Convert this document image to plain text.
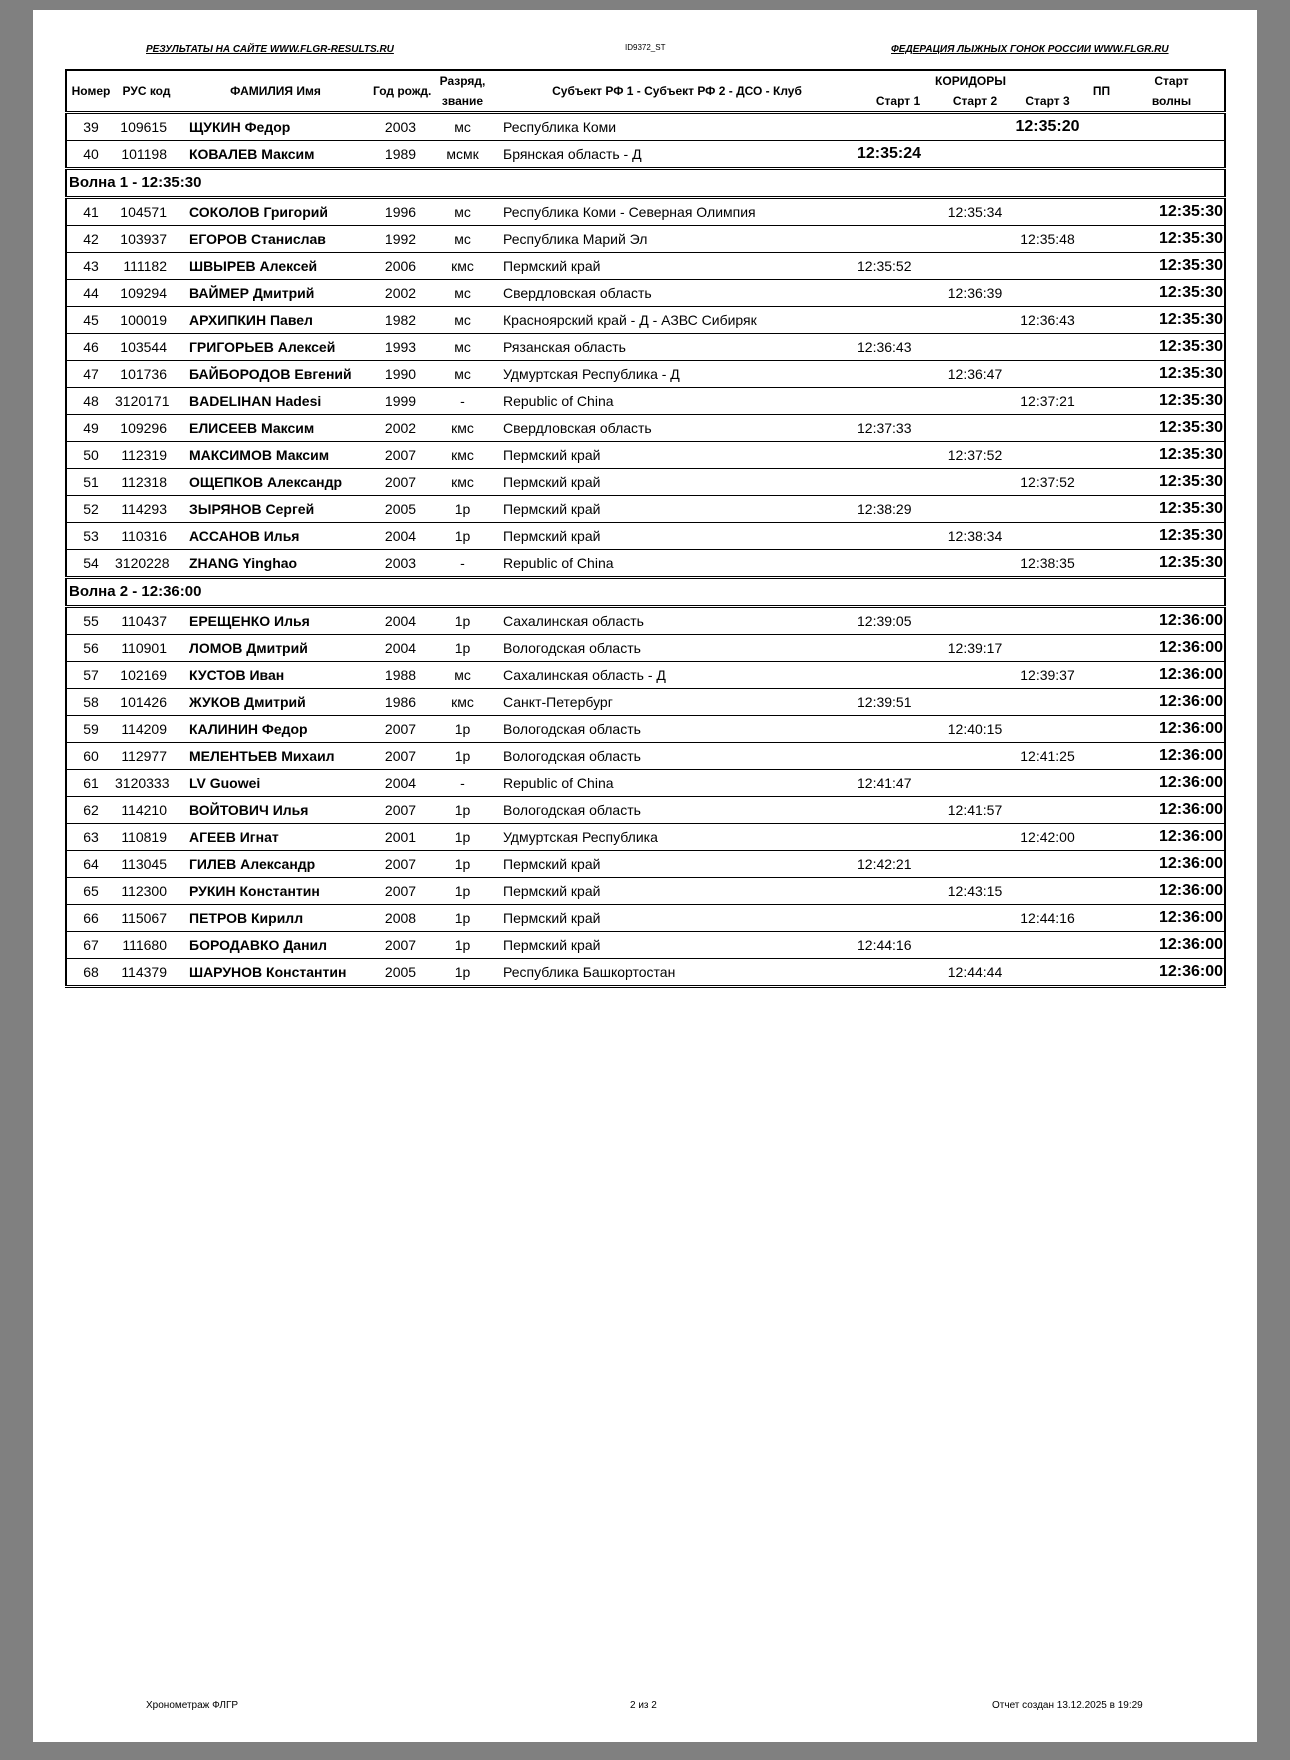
РЕЗУЛЬТАТЫ НА САЙТЕ WWW.FLGR-RESULTS.RU	ID9372_ST	ФЕДЕРАЦИЯ ЛЫЖНЫХ ГОНОК РОССИИ WWW.FLGR.RU
Номер	РУС код	ФАМИЛИЯ Имя	Год рожд.	Разряд,	Субъект РФ 1 - Субъект РФ 2 - ДСО - Клуб	КОРИДОРЫ			ПП	Старт
				звание		Старт 1	Старт 2	Старт 3		волны
39	109615	ЩУКИН Федор	2003	мс	Республика Коми			12:35:20		
40	101198	КОВАЛЕВ Максим	1989	мсмк	Брянская область - Д	12:35:24				
Волна 1 - 12:35:30										
41	104571	СОКОЛОВ Григорий	1996	мс	Республика Коми - Северная Олимпия		12:35:34			12:35:30
42	103937	ЕГОРОВ Станислав	1992	мс	Республика Марий Эл			12:35:48		12:35:30
43	111182	ШВЫРЕВ Алексей	2006	кмс	Пермский край	12:35:52				12:35:30
44	109294	ВАЙМЕР Дмитрий	2002	мс	Свердловская область		12:36:39			12:35:30
45	100019	АРХИПКИН Павел	1982	мс	Красноярский край - Д - АЗВС Сибиряк			12:36:43		12:35:30
46	103544	ГРИГОРЬЕВ Алексей	1993	мс	Рязанская область	12:36:43				12:35:30
47	101736	БАЙБОРОДОВ Евгений	1990	мс	Удмуртская Республика - Д		12:36:47			12:35:30
48	3120171	BADELIHAN Hadesi	1999	-	Republic of China			12:37:21		12:35:30
49	109296	ЕЛИСЕЕВ Максим	2002	кмс	Свердловская область	12:37:33				12:35:30
50	112319	МАКСИМОВ Максим	2007	кмс	Пермский край		12:37:52			12:35:30
51	112318	ОЩЕПКОВ Александр	2007	кмс	Пермский край			12:37:52		12:35:30
52	114293	ЗЫРЯНОВ Сергей	2005	1р	Пермский край	12:38:29				12:35:30
53	110316	АССАНОВ Илья	2004	1р	Пермский край		12:38:34			12:35:30
54	3120228	ZHANG Yinghao	2003	-	Republic of China			12:38:35		12:35:30
Волна 2 - 12:36:00										
55	110437	ЕРЕЩЕНКО Илья	2004	1р	Сахалинская область	12:39:05				12:36:00
56	110901	ЛОМОВ Дмитрий	2004	1р	Вологодская область		12:39:17			12:36:00
57	102169	КУСТОВ Иван	1988	мс	Сахалинская область - Д			12:39:37		12:36:00
58	101426	ЖУКОВ Дмитрий	1986	кмс	Санкт-Петербург	12:39:51				12:36:00
59	114209	КАЛИНИН Федор	2007	1р	Вологодская область		12:40:15			12:36:00
60	112977	МЕЛЕНТЬЕВ Михаил	2007	1р	Вологодская область			12:41:25		12:36:00
61	3120333	LV Guowei	2004	-	Republic of China	12:41:47				12:36:00
62	114210	ВОЙТОВИЧ Илья	2007	1р	Вологодская область		12:41:57			12:36:00
63	110819	АГЕЕВ Игнат	2001	1р	Удмуртская Республика			12:42:00		12:36:00
64	113045	ГИЛЕВ Александр	2007	1р	Пермский край	12:42:21				12:36:00
65	112300	РУКИН Константин	2007	1р	Пермский край		12:43:15			12:36:00
66	115067	ПЕТРОВ Кирилл	2008	1р	Пермский край			12:44:16		12:36:00
67	111680	БОРОДАВКО Данил	2007	1р	Пермский край	12:44:16				12:36:00
68	114379	ШАРУНОВ Константин	2005	1р	Республика Башкортостан		12:44:44			12:36:00
Хронометраж ФЛГР	2 из 2	Отчет создан 13.12.2025 в 19:29
